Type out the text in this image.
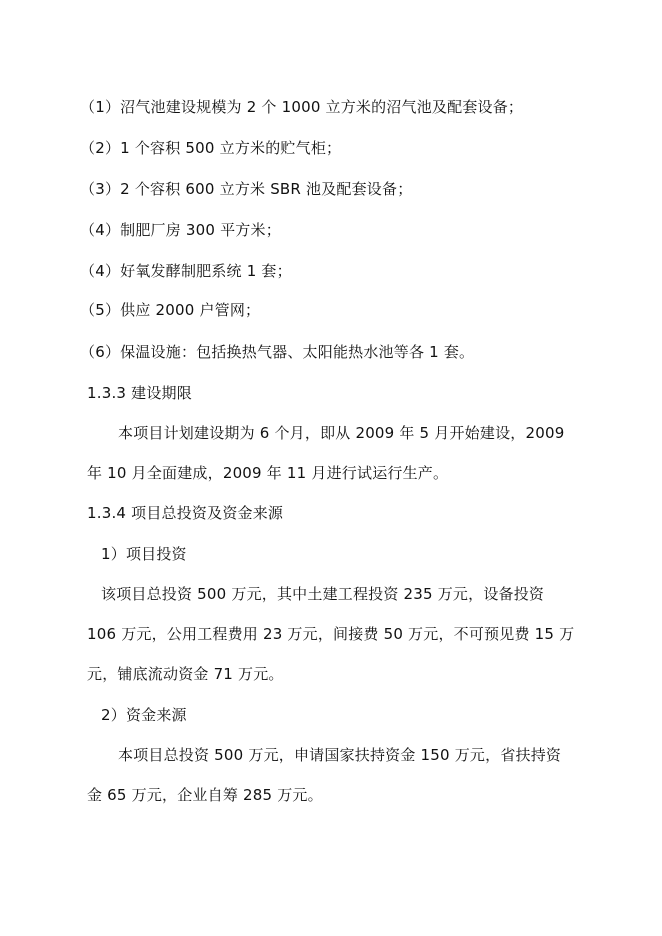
（1）沼气池建设规模为 2 个 1000 立方米的沼气池及配套设备；
（2）1 个容积 500 立方米的贮气柜；
（3）2 个容积 600 立方米 SBR 池及配套设备；
（4）制肥厂房 300 平方米；
（4）好氧发酵制肥系统 1 套；
（5）供应 2000 户管网；
（6）保温设施：包括换热气器、太阳能热水池等各 1 套。
1.3.3 建设期限
本项目计划建设期为 6 个月，即从 2009 年 5 月开始建设，2009
年 10 月全面建成，2009 年 11 月进行试运行生产。
1.3.4 项目总投资及资金来源
1）项目投资
该项目总投资 500 万元，其中土建工程投资 235 万元，设备投资
106 万元，公用工程费用 23 万元，间接费 50 万元，不可预见费 15 万
元，铺底流动资金 71 万元。
2）资金来源
本项目总投资 500 万元，申请国家扶持资金 150 万元，省扶持资
金 65 万元，企业自筹 285 万元。
